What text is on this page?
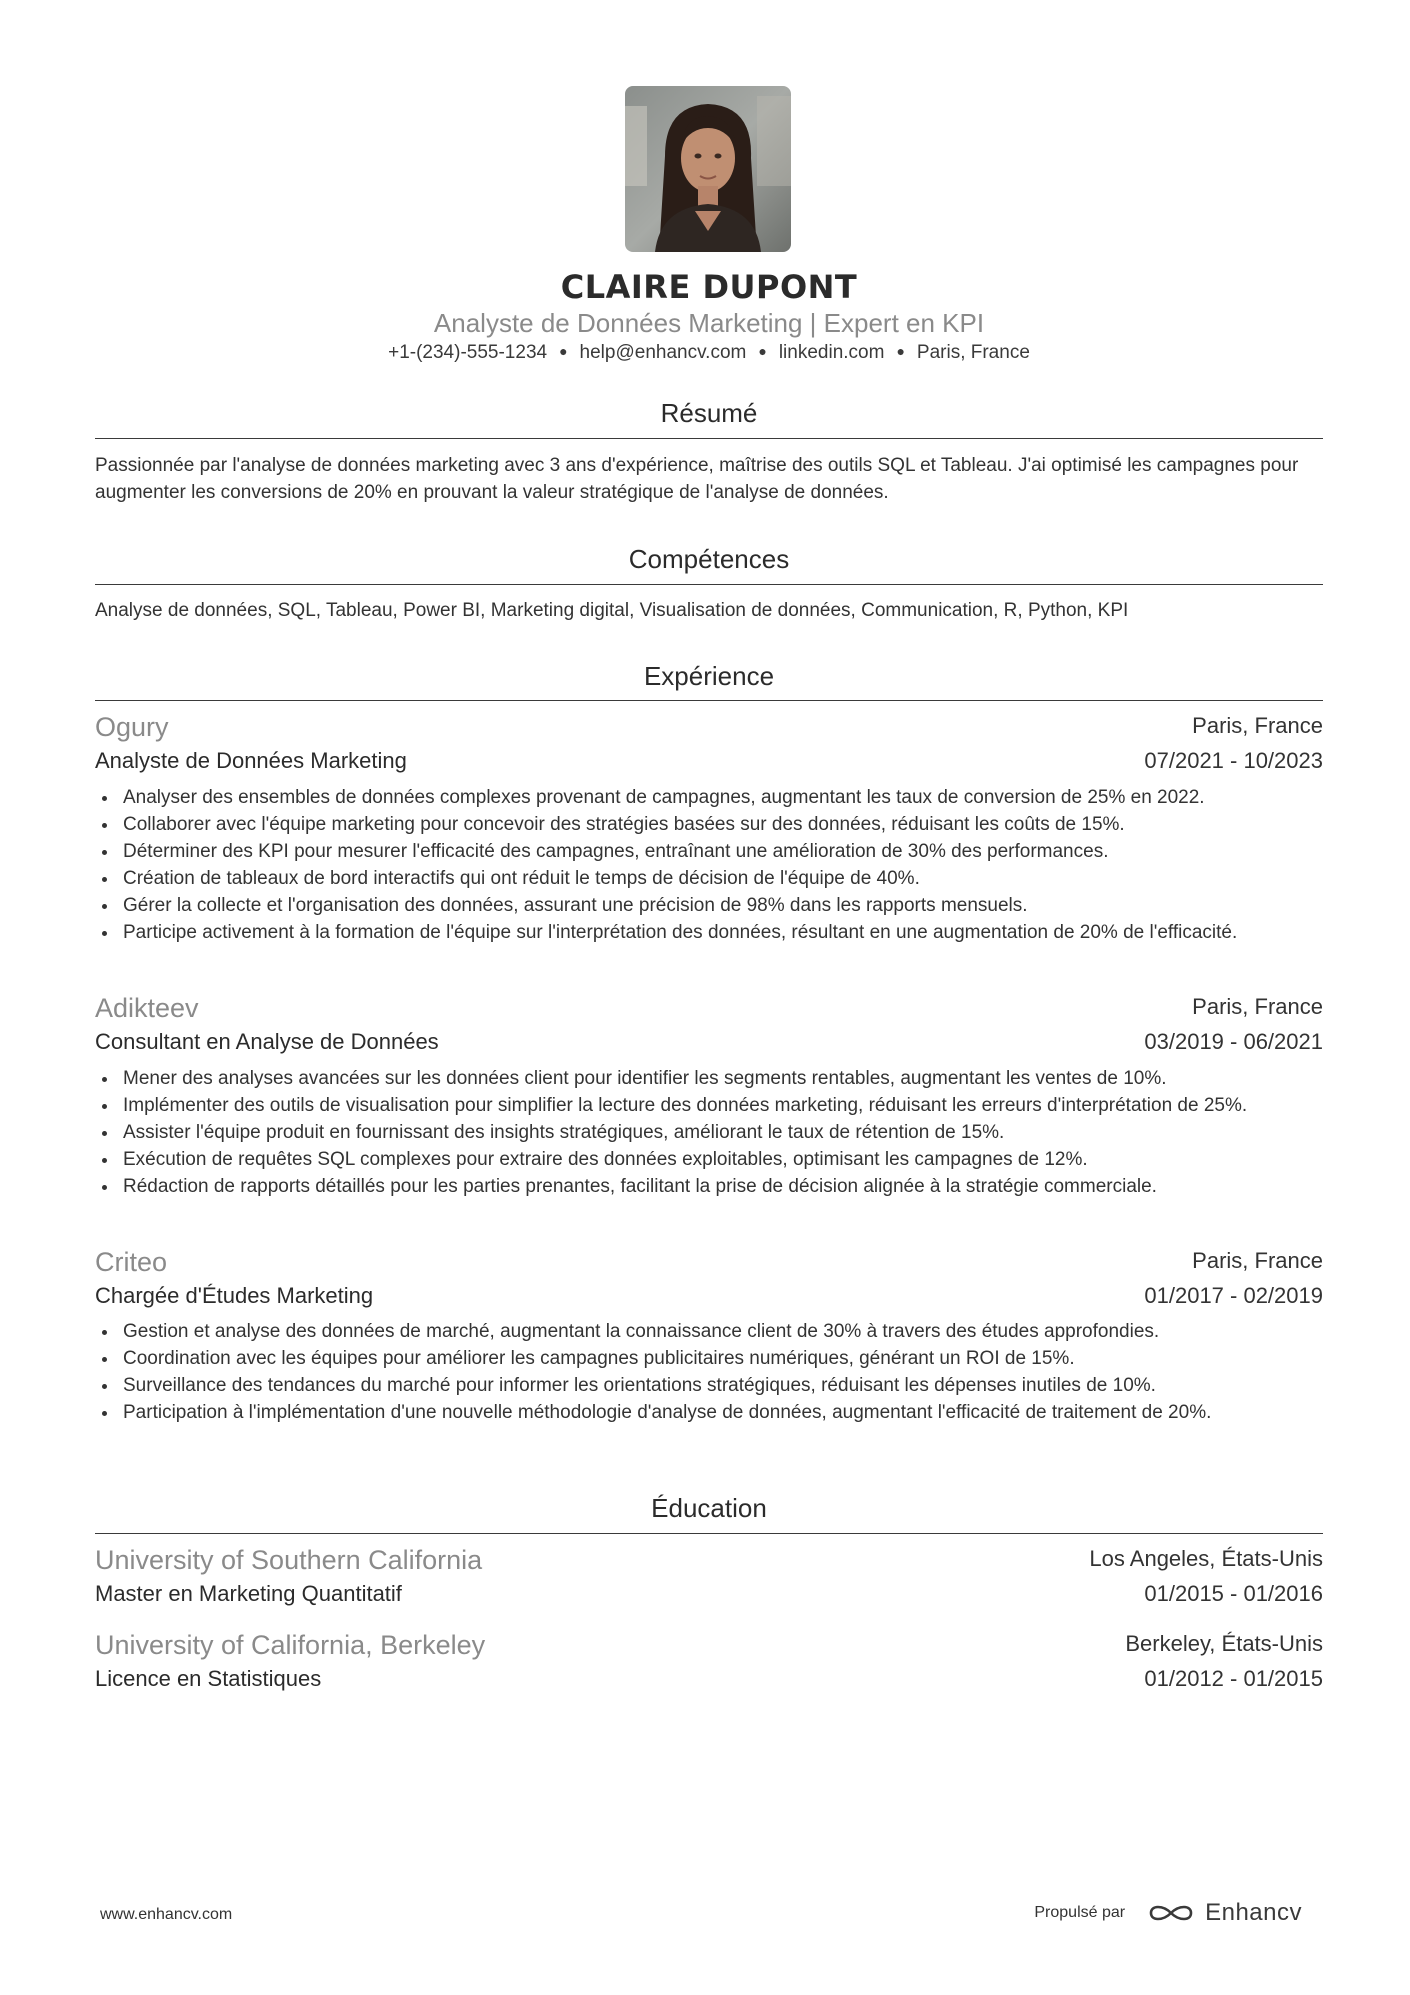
CLAIRE DUPONT
Analyste de Données Marketing | Expert en KPI
+1-(234)-555-1234 ● help@enhancv.com ● linkedin.com ● Paris, France
Résumé
Passionnée par l'analyse de données marketing avec 3 ans d'expérience, maîtrise des outils SQL et Tableau. J'ai optimisé les campagnes pour augmenter les conversions de 20% en prouvant la valeur stratégique de l'analyse de données.
Compétences
Analyse de données, SQL, Tableau, Power BI, Marketing digital, Visualisation de données, Communication, R, Python, KPI
Expérience
Ogury	Paris, France
Analyste de Données Marketing	07/2021 - 10/2023
Analyser des ensembles de données complexes provenant de campagnes, augmentant les taux de conversion de 25% en 2022.
Collaborer avec l'équipe marketing pour concevoir des stratégies basées sur des données, réduisant les coûts de 15%.
Déterminer des KPI pour mesurer l'efficacité des campagnes, entraînant une amélioration de 30% des performances.
Création de tableaux de bord interactifs qui ont réduit le temps de décision de l'équipe de 40%.
Gérer la collecte et l'organisation des données, assurant une précision de 98% dans les rapports mensuels.
Participe activement à la formation de l'équipe sur l'interprétation des données, résultant en une augmentation de 20% de l'efficacité.
Adikteev	Paris, France
Consultant en Analyse de Données	03/2019 - 06/2021
Mener des analyses avancées sur les données client pour identifier les segments rentables, augmentant les ventes de 10%.
Implémenter des outils de visualisation pour simplifier la lecture des données marketing, réduisant les erreurs d'interprétation de 25%.
Assister l'équipe produit en fournissant des insights stratégiques, améliorant le taux de rétention de 15%.
Exécution de requêtes SQL complexes pour extraire des données exploitables, optimisant les campagnes de 12%.
Rédaction de rapports détaillés pour les parties prenantes, facilitant la prise de décision alignée à la stratégie commerciale.
Criteo	Paris, France
Chargée d'Études Marketing	01/2017 - 02/2019
Gestion et analyse des données de marché, augmentant la connaissance client de 30% à travers des études approfondies.
Coordination avec les équipes pour améliorer les campagnes publicitaires numériques, générant un ROI de 15%.
Surveillance des tendances du marché pour informer les orientations stratégiques, réduisant les dépenses inutiles de 10%.
Participation à l'implémentation d'une nouvelle méthodologie d'analyse de données, augmentant l'efficacité de traitement de 20%.
Éducation
University of Southern California	Los Angeles, États-Unis
Master en Marketing Quantitatif	01/2015 - 01/2016
University of California, Berkeley	Berkeley, États-Unis
Licence en Statistiques	01/2012 - 01/2015
www.enhancv.com	Propulsé par	Enhancv
